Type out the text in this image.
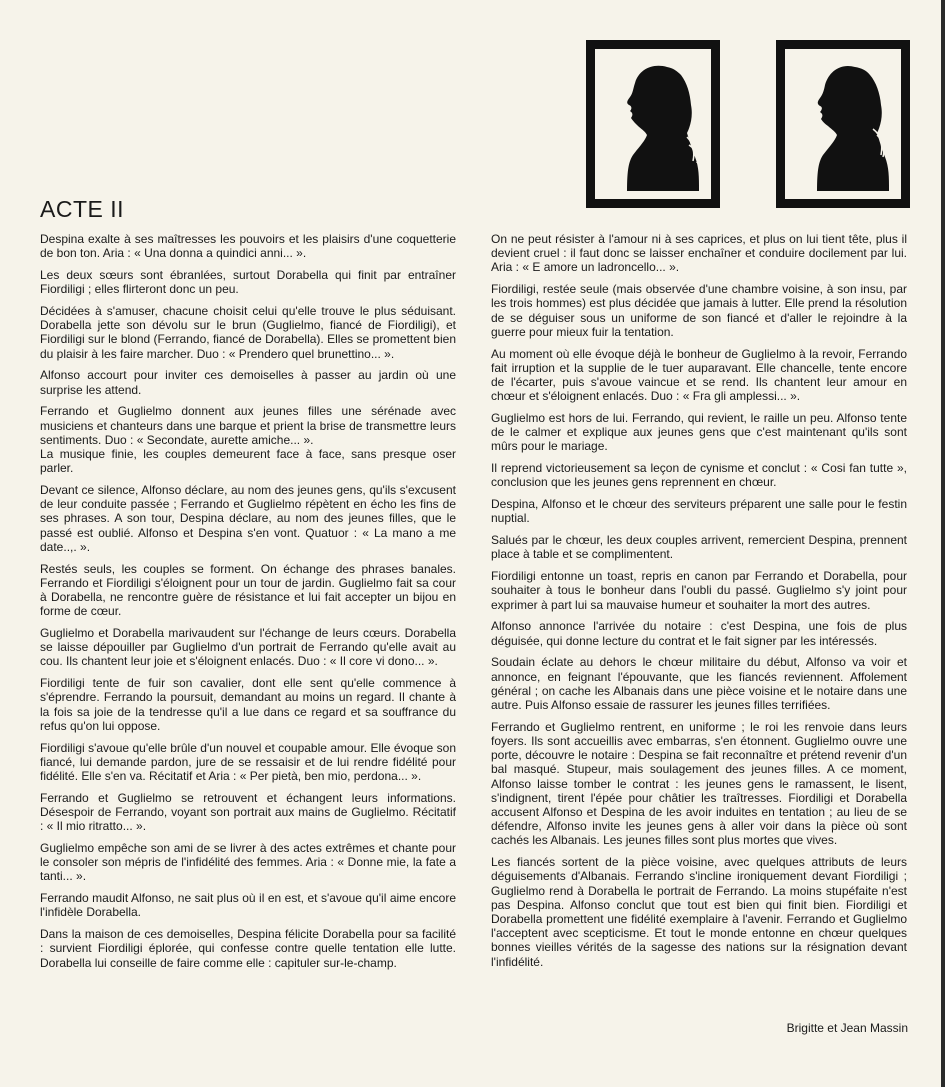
ACTE II

Despina exalte à ses maîtresses les pouvoirs et les plaisirs d'une coquetterie de bon ton. Aria : « Una donna a quindici anni... ».

Les deux sœurs sont ébranlées, surtout Dorabella qui finit par entraîner Fiordiligi ; elles flirteront donc un peu.

Décidées à s'amuser, chacune choisit celui qu'elle trouve le plus séduisant. Dorabella jette son dévolu sur le brun (Guglielmo, fiancé de Fiordiligi), et Fiordiligi sur le blond (Ferrando, fiancé de Dorabella). Elles se promettent bien du plaisir à les faire marcher. Duo : « Prendero quel brunettino... ».

Alfonso accourt pour inviter ces demoiselles à passer au jardin où une surprise les attend.

Ferrando et Guglielmo donnent aux jeunes filles une sérénade avec musiciens et chanteurs dans une barque et prient la brise de transmettre leurs sentiments. Duo : « Secondate, aurette amiche... ».

La musique finie, les couples demeurent face à face, sans presque oser parler.

Devant ce silence, Alfonso déclare, au nom des jeunes gens, qu'ils s'excusent de leur conduite passée ; Ferrando et Guglielmo répètent en écho les fins de ses phrases. A son tour, Despina déclare, au nom des jeunes filles, que le passé est oublié. Alfonso et Despina s'en vont. Quatuor : « La mano a me date..,. ».

Restés seuls, les couples se forment. On échange des phrases banales. Ferrando et Fiordiligi s'éloignent pour un tour de jardin. Guglielmo fait sa cour à Dorabella, ne rencontre guère de résistance et lui fait accepter un bijou en forme de cœur.

Guglielmo et Dorabella marivaudent sur l'échange de leurs cœurs. Dorabella se laisse dépouiller par Guglielmo d'un portrait de Ferrando qu'elle avait au cou. Ils chantent leur joie et s'éloignent enlacés. Duo : « Il core vi dono... ».

Fiordiligi tente de fuir son cavalier, dont elle sent qu'elle commence à s'éprendre. Ferrando la poursuit, demandant au moins un regard. Il chante à la fois sa joie de la tendresse qu'il a lue dans ce regard et sa souffrance du refus qu'on lui oppose.

Fiordiligi s'avoue qu'elle brûle d'un nouvel et coupable amour. Elle évoque son fiancé, lui demande pardon, jure de se ressaisir et de lui rendre fidélité pour fidélité. Elle s'en va. Récitatif et Aria : « Per pietà, ben mio, perdona... ».

Ferrando et Guglielmo se retrouvent et échangent leurs informations. Désespoir de Ferrando, voyant son portrait aux mains de Guglielmo. Récitatif : « Il mio ritratto... ».

Guglielmo empêche son ami de se livrer à des actes extrêmes et chante pour le consoler son mépris de l'infidélité des femmes. Aria : « Donne mie, la fate a tanti... ».

Ferrando maudit Alfonso, ne sait plus où il en est, et s'avoue qu'il aime encore l'infidèle Dorabella.

Dans la maison de ces demoiselles, Despina félicite Dorabella pour sa facilité : survient Fiordiligi éplorée, qui confesse contre quelle tentation elle lutte. Dorabella lui conseille de faire comme elle : capituler sur-le-champ.

On ne peut résister à l'amour ni à ses caprices, et plus on lui tient tête, plus il devient cruel : il faut donc se laisser enchaîner et conduire docilement par lui. Aria : « E amore un ladroncello... ».

Fiordiligi, restée seule (mais observée d'une chambre voisine, à son insu, par les trois hommes) est plus décidée que jamais à lutter. Elle prend la résolution de se déguiser sous un uniforme de son fiancé et d'aller le rejoindre à la guerre pour mieux fuir la tentation.

Au moment où elle évoque déjà le bonheur de Guglielmo à la revoir, Ferrando fait irruption et la supplie de le tuer auparavant. Elle chancelle, tente encore de l'écarter, puis s'avoue vaincue et se rend. Ils chantent leur amour en chœur et s'éloignent enlacés. Duo : « Fra gli amplessi... ».

Guglielmo est hors de lui. Ferrando, qui revient, le raille un peu. Alfonso tente de le calmer et explique aux jeunes gens que c'est maintenant qu'ils sont mûrs pour le mariage.

Il reprend victorieusement sa leçon de cynisme et conclut : « Cosi fan tutte », conclusion que les jeunes gens reprennent en chœur.

Despina, Alfonso et le chœur des serviteurs préparent une salle pour le festin nuptial.

Salués par le chœur, les deux couples arrivent, remercient Despina, prennent place à table et se complimentent.

Fiordiligi entonne un toast, repris en canon par Ferrando et Dorabella, pour souhaiter à tous le bonheur dans l'oubli du passé. Guglielmo s'y joint pour exprimer à part lui sa mauvaise humeur et souhaiter la mort des autres.

Alfonso annonce l'arrivée du notaire : c'est Despina, une fois de plus déguisée, qui donne lecture du contrat et le fait signer par les intéressés.

Soudain éclate au dehors le chœur militaire du début, Alfonso va voir et annonce, en feignant l'épouvante, que les fiancés reviennent. Affolement général ; on cache les Albanais dans une pièce voisine et le notaire dans une autre. Puis Alfonso essaie de rassurer les jeunes filles terrifiées.

Ferrando et Guglielmo rentrent, en uniforme ; le roi les renvoie dans leurs foyers. Ils sont accueillis avec embarras, s'en étonnent. Guglielmo ouvre une porte, découvre le notaire : Despina se fait reconnaître et prétend revenir d'un bal masqué. Stupeur, mais soulagement des jeunes filles. A ce moment, Alfonso laisse tomber le contrat : les jeunes gens le ramassent, le lisent, s'indignent, tirent l'épée pour châtier les traîtresses. Fiordiligi et Dorabella accusent Alfonso et Despina de les avoir induites en tentation ; au lieu de se défendre, Alfonso invite les jeunes gens à aller voir dans la pièce où sont cachés les Albanais. Les jeunes filles sont plus mortes que vives.

Les fiancés sortent de la pièce voisine, avec quelques attributs de leurs déguisements d'Albanais. Ferrando s'incline ironiquement devant Fiordiligi ; Guglielmo rend à Dorabella le portrait de Ferrando. La moins stupéfaite n'est pas Despina. Alfonso conclut que tout est bien qui finit bien. Fiordiligi et Dorabella promettent une fidélité exemplaire à l'avenir. Ferrando et Guglielmo l'acceptent avec scepticisme. Et tout le monde entonne en chœur quelques bonnes vieilles vérités de la sagesse des nations sur la résignation devant l'infidélité.

Brigitte et Jean Massin
